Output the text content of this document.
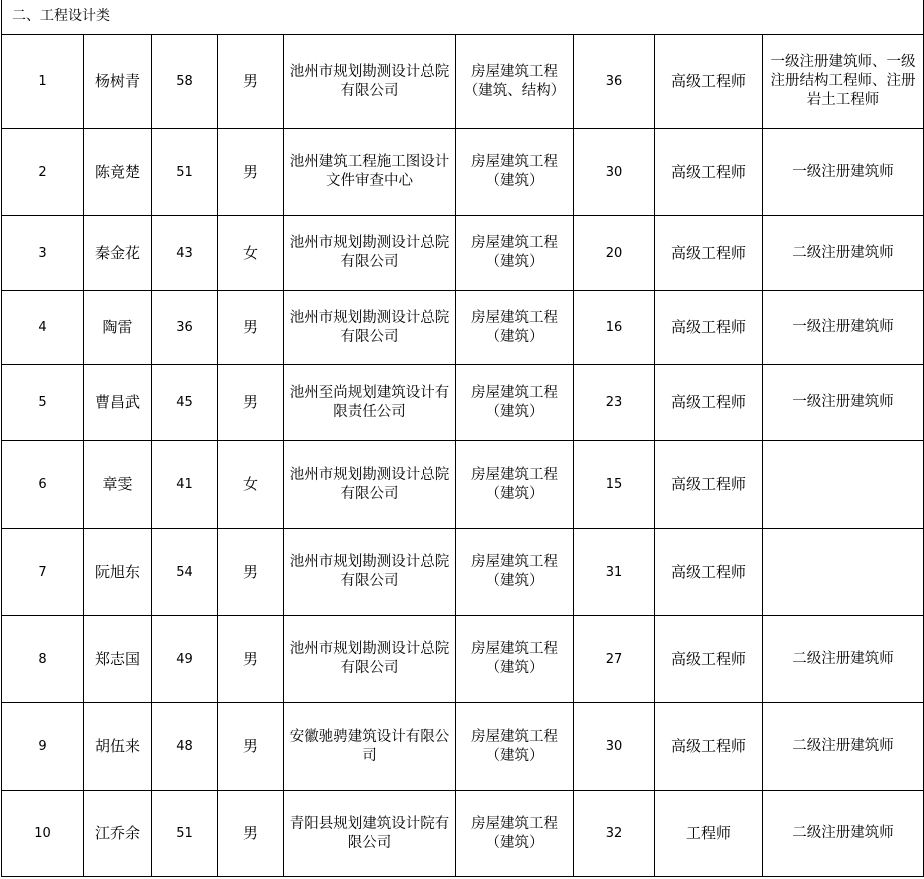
二、工程设计类								
1	杨树青	58	男	池州市规划勘测设计总院有限公司	房屋建筑工程（建筑、结构）	36	高级工程师	一级注册建筑师、一级注册结构工程师、注册岩土工程师
2	陈竟楚	51	男	池州建筑工程施工图设计文件审查中心	房屋建筑工程（建筑）	30	高级工程师	一级注册建筑师
3	秦金花	43	女	池州市规划勘测设计总院有限公司	房屋建筑工程（建筑）	20	高级工程师	二级注册建筑师
4	陶雷	36	男	池州市规划勘测设计总院有限公司	房屋建筑工程（建筑）	16	高级工程师	一级注册建筑师
5	曹昌武	45	男	池州至尚规划建筑设计有限责任公司	房屋建筑工程（建筑）	23	高级工程师	一级注册建筑师
6	章雯	41	女	池州市规划勘测设计总院有限公司	房屋建筑工程（建筑）	15	高级工程师	
7	阮旭东	54	男	池州市规划勘测设计总院有限公司	房屋建筑工程（建筑）	31	高级工程师	
8	郑志国	49	男	池州市规划勘测设计总院有限公司	房屋建筑工程（建筑）	27	高级工程师	二级注册建筑师
9	胡伍来	48	男	安徽驰骋建筑设计有限公司	房屋建筑工程（建筑）	30	高级工程师	二级注册建筑师
10	江乔余	51	男	青阳县规划建筑设计院有限公司	房屋建筑工程（建筑）	32	工程师	二级注册建筑师
